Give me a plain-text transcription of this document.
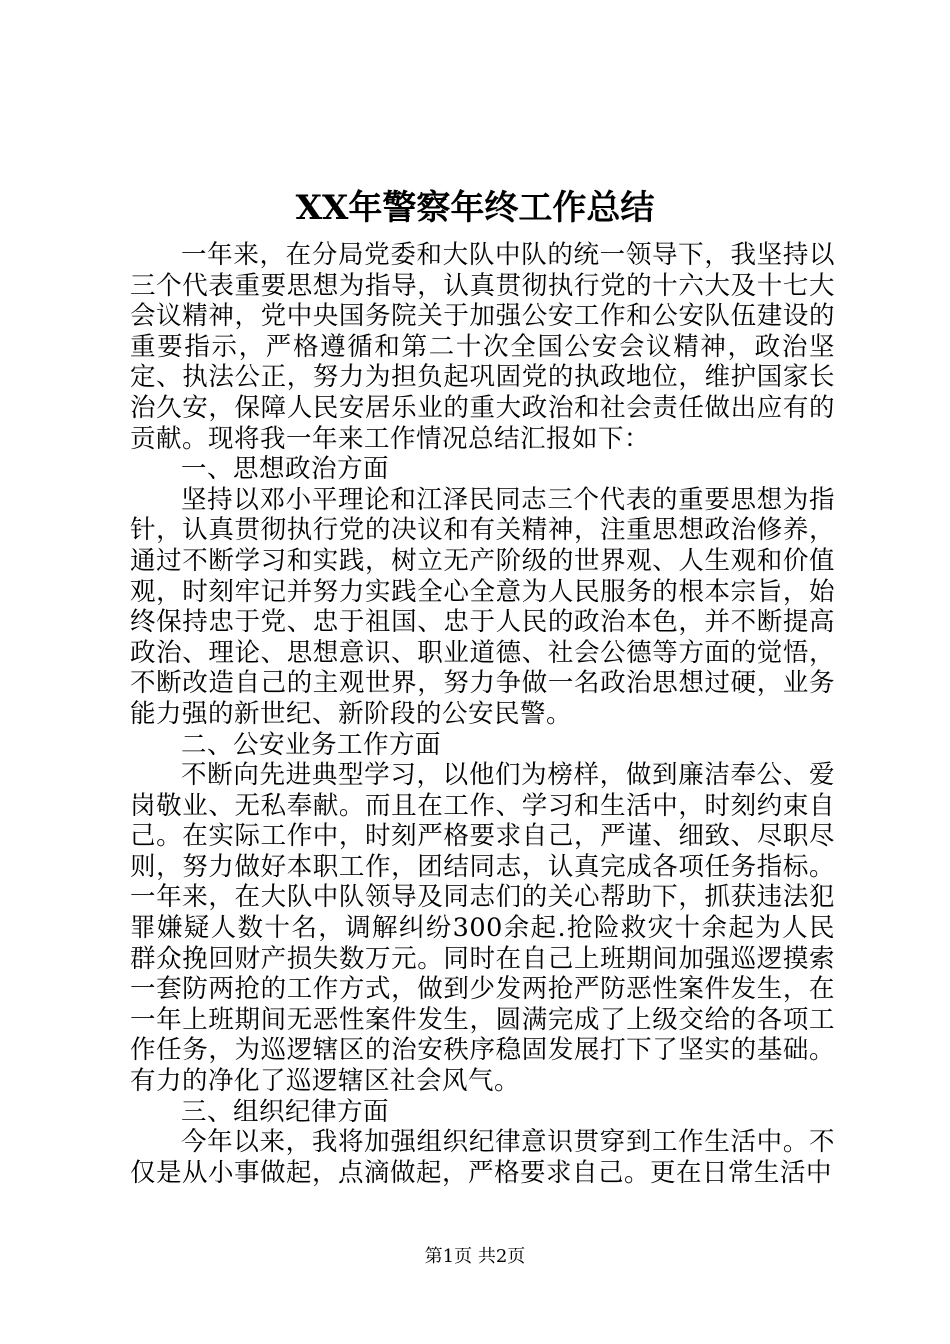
XX年警察年终工作总结

一年来，在分局党委和大队中队的统一领导下，我坚持以三个代表重要思想为指导，认真贯彻执行党的十六大及十七大会议精神，党中央国务院关于加强公安工作和公安队伍建设的重要指示，严格遵循和第二十次全国公安会议精神，政治坚定、执法公正，努力为担负起巩固党的执政地位，维护国家长治久安，保障人民安居乐业的重大政治和社会责任做出应有的贡献。现将我一年来工作情况总结汇报如下：

一、思想政治方面

坚持以邓小平理论和江泽民同志三个代表的重要思想为指针，认真贯彻执行党的决议和有关精神，注重思想政治修养，通过不断学习和实践，树立无产阶级的世界观、人生观和价值观，时刻牢记并努力实践全心全意为人民服务的根本宗旨，始终保持忠于党、忠于祖国、忠于人民的政治本色，并不断提高政治、理论、思想意识、职业道德、社会公德等方面的觉悟，不断改造自己的主观世界，努力争做一名政治思想过硬，业务能力强的新世纪、新阶段的公安民警。

二、公安业务工作方面

不断向先进典型学习，以他们为榜样，做到廉洁奉公、爱岗敬业、无私奉献。而且在工作、学习和生活中，时刻约束自己。在实际工作中，时刻严格要求自己，严谨、细致、尽职尽则，努力做好本职工作，团结同志，认真完成各项任务指标。一年来，在大队中队领导及同志们的关心帮助下，抓获违法犯罪嫌疑人数十名，调解纠纷300余起.抢险救灾十余起为人民群众挽回财产损失数万元。同时在自己上班期间加强巡逻摸索一套防两抢的工作方式，做到少发两抢严防恶性案件发生，在一年上班期间无恶性案件发生，圆满完成了上级交给的各项工作任务，为巡逻辖区的治安秩序稳固发展打下了坚实的基础。有力的净化了巡逻辖区社会风气。

三、组织纪律方面

今年以来，我将加强组织纪律意识贯穿到工作生活中。不仅是从小事做起，点滴做起，严格要求自己。更在日常生活中

第1页 共2页
